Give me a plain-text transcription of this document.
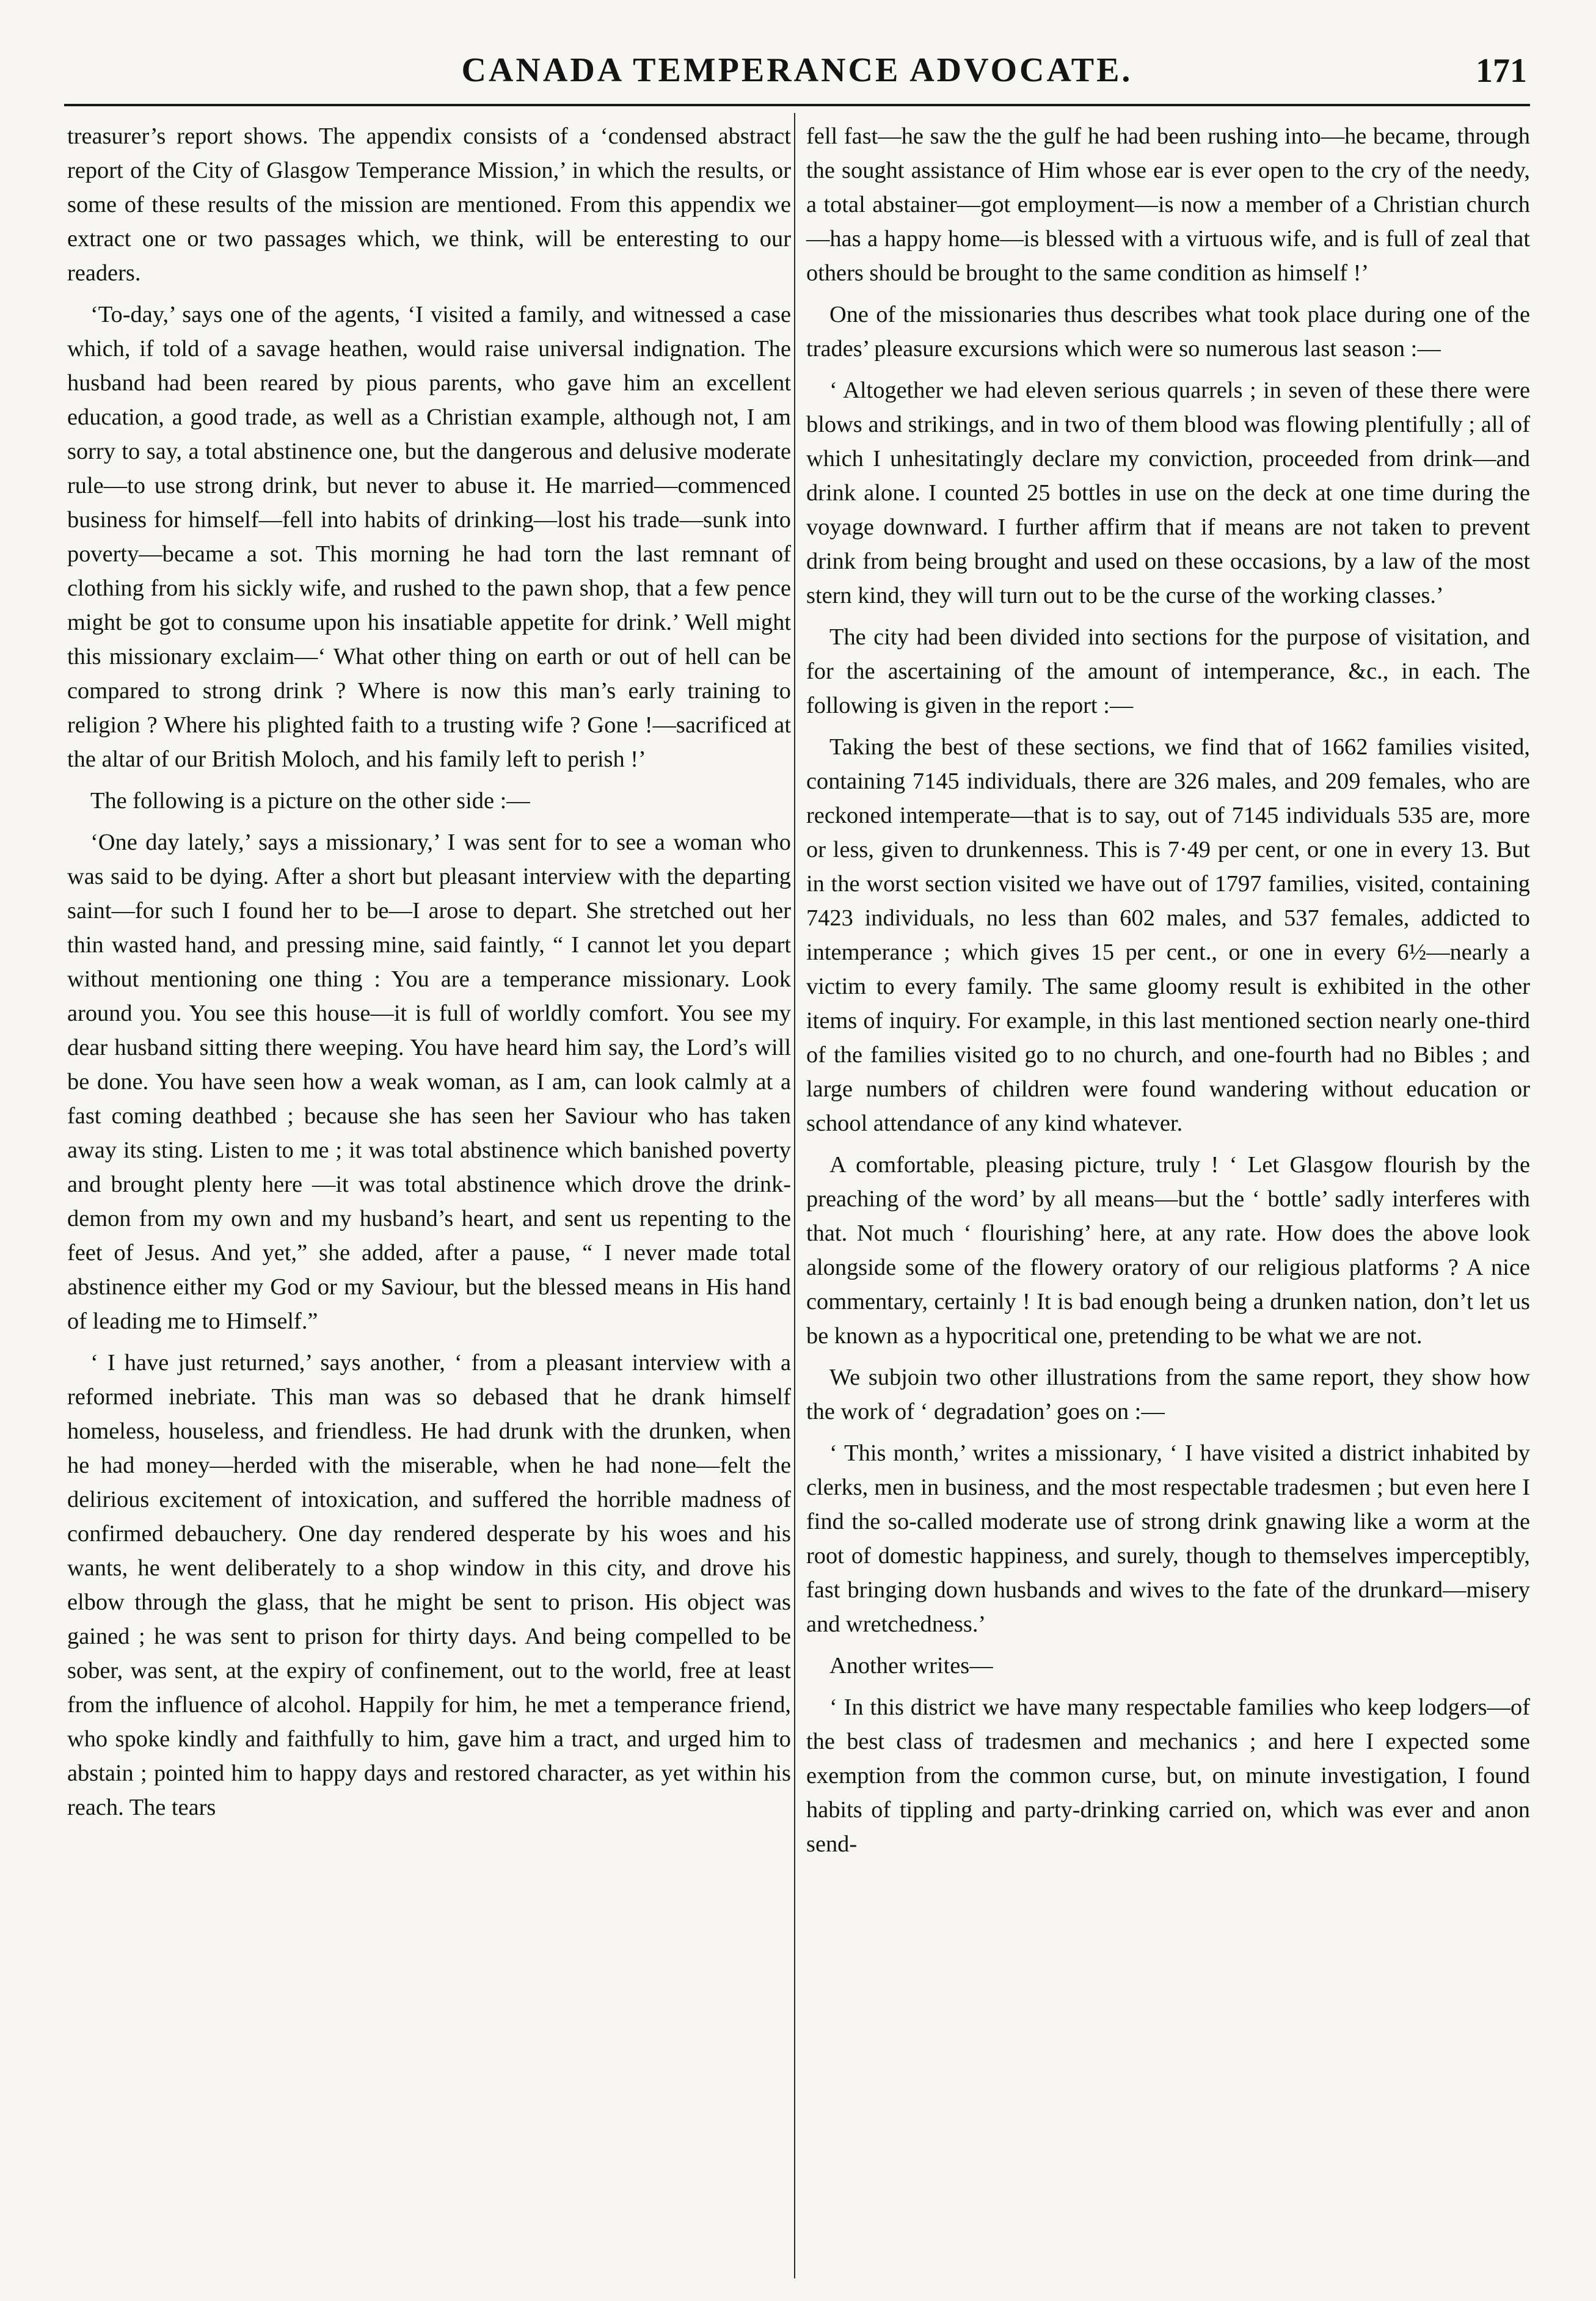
CANADA TEMPERANCE ADVOCATE.	171

treasurer’s report shows. The appendix consists of a ‘condensed abstract report of the City of Glasgow Temperance Mission,’ in which the results, or some of these results of the mission are mentioned. From this appendix we extract one or two passages which, we think, will be enteresting to our readers.

‘To-day,’ says one of the agents, ‘I visited a family, and witnessed a case which, if told of a savage heathen, would raise universal indignation. The husband had been reared by pious parents, who gave him an excellent education, a good trade, as well as a Christian example, although not, I am sorry to say, a total abstinence one, but the dangerous and delusive moderate rule—to use strong drink, but never to abuse it. He married—commenced business for himself—fell into habits of drinking—lost his trade—sunk into poverty—became a sot. This morning he had torn the last remnant of clothing from his sickly wife, and rushed to the pawn shop, that a few pence might be got to consume upon his insatiable appetite for drink.’ Well might this missionary exclaim—‘ What other thing on earth or out of hell can be compared to strong drink ? Where is now this man’s early training to religion ? Where his plighted faith to a trusting wife ? Gone !—sacrificed at the altar of our British Moloch, and his family left to perish !’

The following is a picture on the other side :—

‘One day lately,’ says a missionary,’ I was sent for to see a woman who was said to be dying. After a short but pleasant interview with the departing saint—for such I found her to be—I arose to depart. She stretched out her thin wasted hand, and pressing mine, said faintly, “ I cannot let you depart without mentioning one thing : You are a temperance missionary. Look around you. You see this house—it is full of worldly comfort. You see my dear husband sitting there weeping. You have heard him say, the Lord’s will be done. You have seen how a weak woman, as I am, can look calmly at a fast coming deathbed ; because she has seen her Saviour who has taken away its sting. Listen to me ; it was total abstinence which banished poverty and brought plenty here —it was total abstinence which drove the drink-demon from my own and my husband’s heart, and sent us repenting to the feet of Jesus. And yet,” she added, after a pause, “ I never made total abstinence either my God or my Saviour, but the blessed means in His hand of leading me to Himself.”

‘ I have just returned,’ says another, ‘ from a pleasant interview with a reformed inebriate. This man was so debased that he drank himself homeless, houseless, and friendless. He had drunk with the drunken, when he had money—herded with the miserable, when he had none—felt the delirious excitement of intoxication, and suffered the horrible madness of confirmed debauchery. One day rendered desperate by his woes and his wants, he went deliberately to a shop window in this city, and drove his elbow through the glass, that he might be sent to prison. His object was gained ; he was sent to prison for thirty days. And being compelled to be sober, was sent, at the expiry of confinement, out to the world, free at least from the influence of alcohol. Happily for him, he met a temperance friend, who spoke kindly and faithfully to him, gave him a tract, and urged him to abstain ; pointed him to happy days and restored character, as yet within his reach. The tears

fell fast—he saw the the gulf he had been rushing into—he became, through the sought assistance of Him whose ear is ever open to the cry of the needy, a total abstainer—got employment—is now a member of a Christian church—has a happy home—is blessed with a virtuous wife, and is full of zeal that others should be brought to the same condition as himself !’

One of the missionaries thus describes what took place during one of the trades’ pleasure excursions which were so numerous last season :—

‘ Altogether we had eleven serious quarrels ; in seven of these there were blows and strikings, and in two of them blood was flowing plentifully ; all of which I unhesitatingly declare my conviction, proceeded from drink—and drink alone. I counted 25 bottles in use on the deck at one time during the voyage downward. I further affirm that if means are not taken to prevent drink from being brought and used on these occasions, by a law of the most stern kind, they will turn out to be the curse of the working classes.’

The city had been divided into sections for the purpose of visitation, and for the ascertaining of the amount of intemperance, &c., in each. The following is given in the report :—

Taking the best of these sections, we find that of 1662 families visited, containing 7145 individuals, there are 326 males, and 209 females, who are reckoned intemperate—that is to say, out of 7145 individuals 535 are, more or less, given to drunkenness. This is 7·49 per cent, or one in every 13. But in the worst section visited we have out of 1797 families, visited, containing 7423 individuals, no less than 602 males, and 537 females, addicted to intemperance ; which gives 15 per cent., or one in every 6½—nearly a victim to every family. The same gloomy result is exhibited in the other items of inquiry. For example, in this last mentioned section nearly one-third of the families visited go to no church, and one-fourth had no Bibles ; and large numbers of children were found wandering without education or school attendance of any kind whatever.

A comfortable, pleasing picture, truly ! ‘ Let Glasgow flourish by the preaching of the word’ by all means—but the ‘ bottle’ sadly interferes with that. Not much ‘ flourishing’ here, at any rate. How does the above look alongside some of the flowery oratory of our religious platforms ? A nice commentary, certainly ! It is bad enough being a drunken nation, don’t let us be known as a hypocritical one, pretending to be what we are not.

We subjoin two other illustrations from the same report, they show how the work of ‘ degradation’ goes on :—

‘ This month,’ writes a missionary, ‘ I have visited a district inhabited by clerks, men in business, and the most respectable tradesmen ; but even here I find the so-called moderate use of strong drink gnawing like a worm at the root of domestic happiness, and surely, though to themselves imperceptibly, fast bringing down husbands and wives to the fate of the drunkard—misery and wretchedness.’

Another writes—

‘ In this district we have many respectable families who keep lodgers—of the best class of tradesmen and mechanics ; and here I expected some exemption from the common curse, but, on minute investigation, I found habits of tippling and party-drinking carried on, which was ever and anon send-
